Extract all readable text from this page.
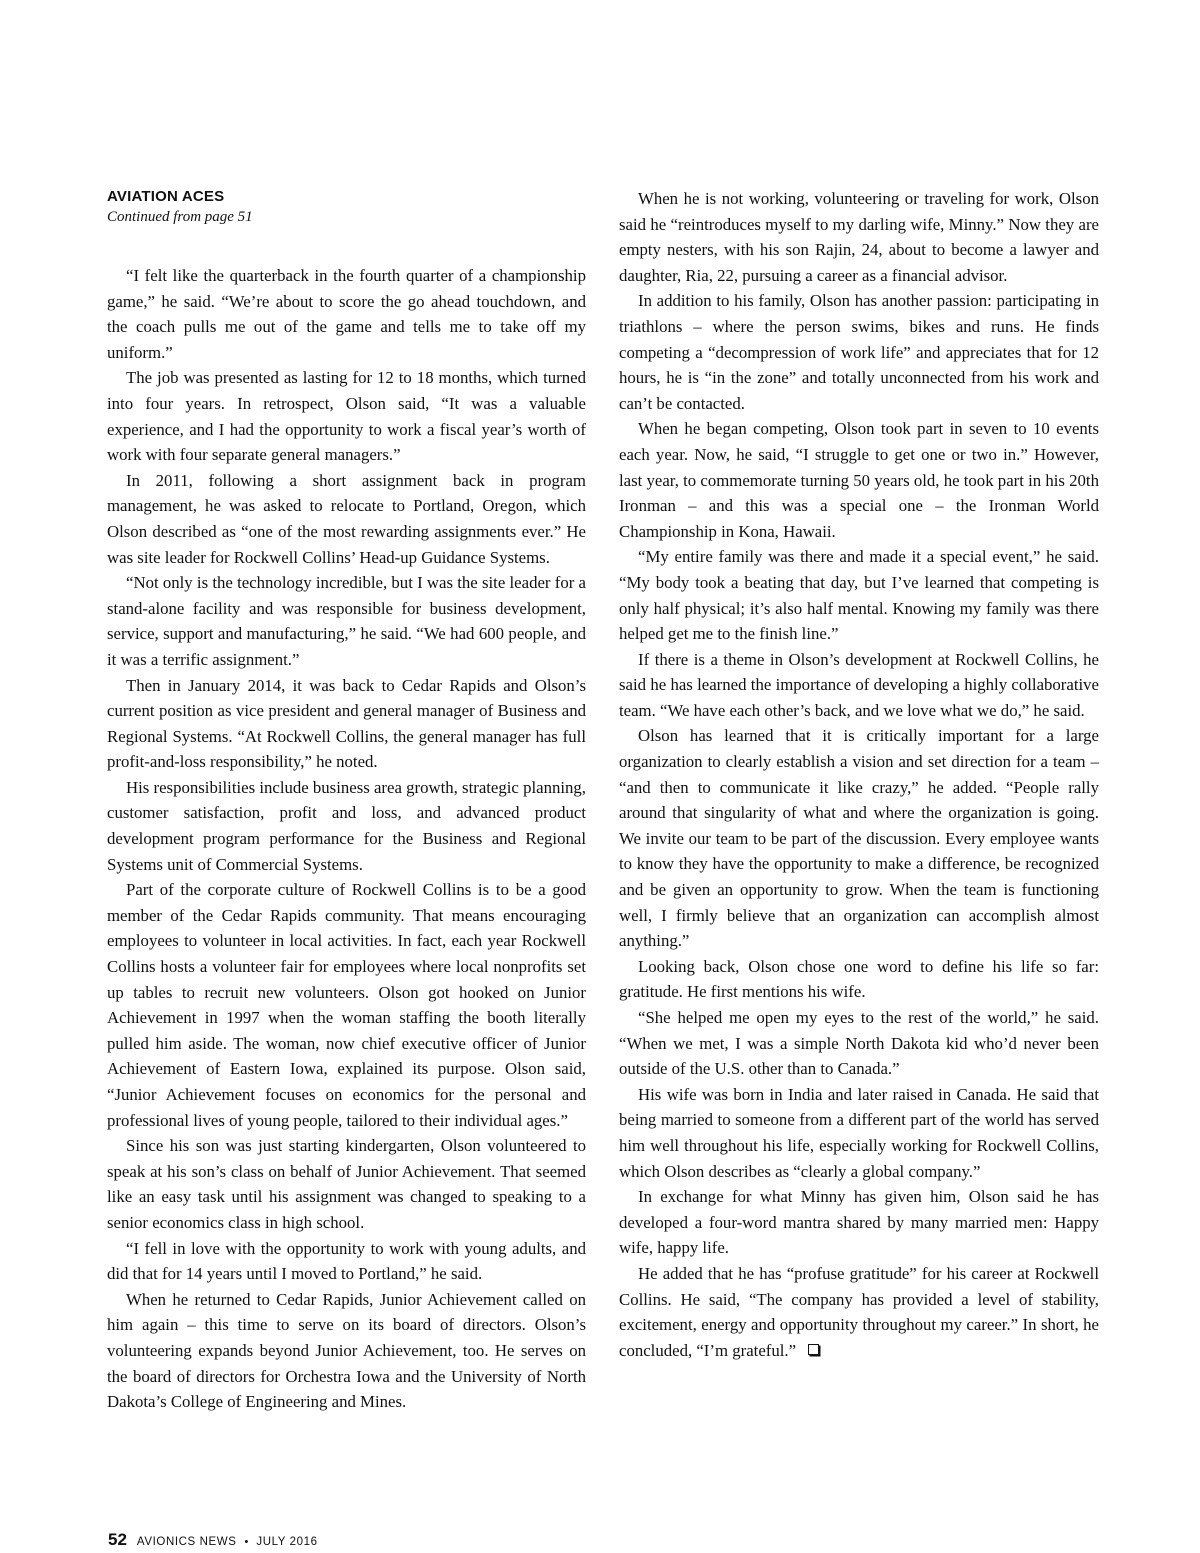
AVIATION ACES
Continued from page 51

“I felt like the quarterback in the fourth quarter of a championship game,” he said. “We’re about to score the go ahead touchdown, and the coach pulls me out of the game and tells me to take off my uniform.”

The job was presented as lasting for 12 to 18 months, which turned into four years. In retrospect, Olson said, “It was a valuable experience, and I had the opportunity to work a fiscal year’s worth of work with four separate general managers.”

In 2011, following a short assignment back in program management, he was asked to relocate to Portland, Oregon, which Olson described as “one of the most rewarding assignments ever.” He was site leader for Rockwell Collins’ Head-up Guidance Systems.

“Not only is the technology incredible, but I was the site leader for a stand-alone facility and was responsible for business development, service, support and manufacturing,” he said. “We had 600 people, and it was a terrific assignment.”

Then in January 2014, it was back to Cedar Rapids and Olson’s current position as vice president and general manager of Business and Regional Systems. “At Rockwell Collins, the general manager has full profit-and-loss responsibility,” he noted.

His responsibilities include business area growth, strategic planning, customer satisfaction, profit and loss, and advanced product development program performance for the Business and Regional Systems unit of Commercial Systems.

Part of the corporate culture of Rockwell Collins is to be a good member of the Cedar Rapids community. That means encouraging employees to volunteer in local activities. In fact, each year Rockwell Collins hosts a volunteer fair for employees where local nonprofits set up tables to recruit new volunteers. Olson got hooked on Junior Achievement in 1997 when the woman staffing the booth literally pulled him aside. The woman, now chief executive officer of Junior Achievement of Eastern Iowa, explained its purpose. Olson said, “Junior Achievement focuses on economics for the personal and professional lives of young people, tailored to their individual ages.”

Since his son was just starting kindergarten, Olson volunteered to speak at his son’s class on behalf of Junior Achievement. That seemed like an easy task until his assignment was changed to speaking to a senior economics class in high school.

“I fell in love with the opportunity to work with young adults, and did that for 14 years until I moved to Portland,” he said.

When he returned to Cedar Rapids, Junior Achievement called on him again – this time to serve on its board of directors. Olson’s volunteering expands beyond Junior Achievement, too. He serves on the board of directors for Orchestra Iowa and the University of North Dakota’s College of Engineering and Mines.

When he is not working, volunteering or traveling for work, Olson said he “reintroduces myself to my darling wife, Minny.” Now they are empty nesters, with his son Rajin, 24, about to become a lawyer and daughter, Ria, 22, pursuing a career as a financial advisor.

In addition to his family, Olson has another passion: participating in triathlons – where the person swims, bikes and runs. He finds competing a “decompression of work life” and appreciates that for 12 hours, he is “in the zone” and totally unconnected from his work and can’t be contacted.

When he began competing, Olson took part in seven to 10 events each year. Now, he said, “I struggle to get one or two in.” However, last year, to commemorate turning 50 years old, he took part in his 20th Ironman – and this was a special one – the Ironman World Championship in Kona, Hawaii.

“My entire family was there and made it a special event,” he said. “My body took a beating that day, but I’ve learned that competing is only half physical; it’s also half mental. Knowing my family was there helped get me to the finish line.”

If there is a theme in Olson’s development at Rockwell Collins, he said he has learned the importance of developing a highly collaborative team. “We have each other’s back, and we love what we do,” he said.

Olson has learned that it is critically important for a large organization to clearly establish a vision and set direction for a team – “and then to communicate it like crazy,” he added. “People rally around that singularity of what and where the organization is going. We invite our team to be part of the discussion. Every employee wants to know they have the opportunity to make a difference, be recognized and be given an opportunity to grow. When the team is functioning well, I firmly believe that an organization can accomplish almost anything.”

Looking back, Olson chose one word to define his life so far: gratitude. He first mentions his wife.

“She helped me open my eyes to the rest of the world,” he said. “When we met, I was a simple North Dakota kid who’d never been outside of the U.S. other than to Canada.”

His wife was born in India and later raised in Canada. He said that being married to someone from a different part of the world has served him well throughout his life, especially working for Rockwell Collins, which Olson describes as “clearly a global company.”

In exchange for what Minny has given him, Olson said he has developed a four-word mantra shared by many married men: Happy wife, happy life.

He added that he has “profuse gratitude” for his career at Rockwell Collins. He said, “The company has provided a level of stability, excitement, energy and opportunity throughout my career.” In short, he concluded, “I’m grateful.”

52 AVIONICS NEWS • JULY 2016
